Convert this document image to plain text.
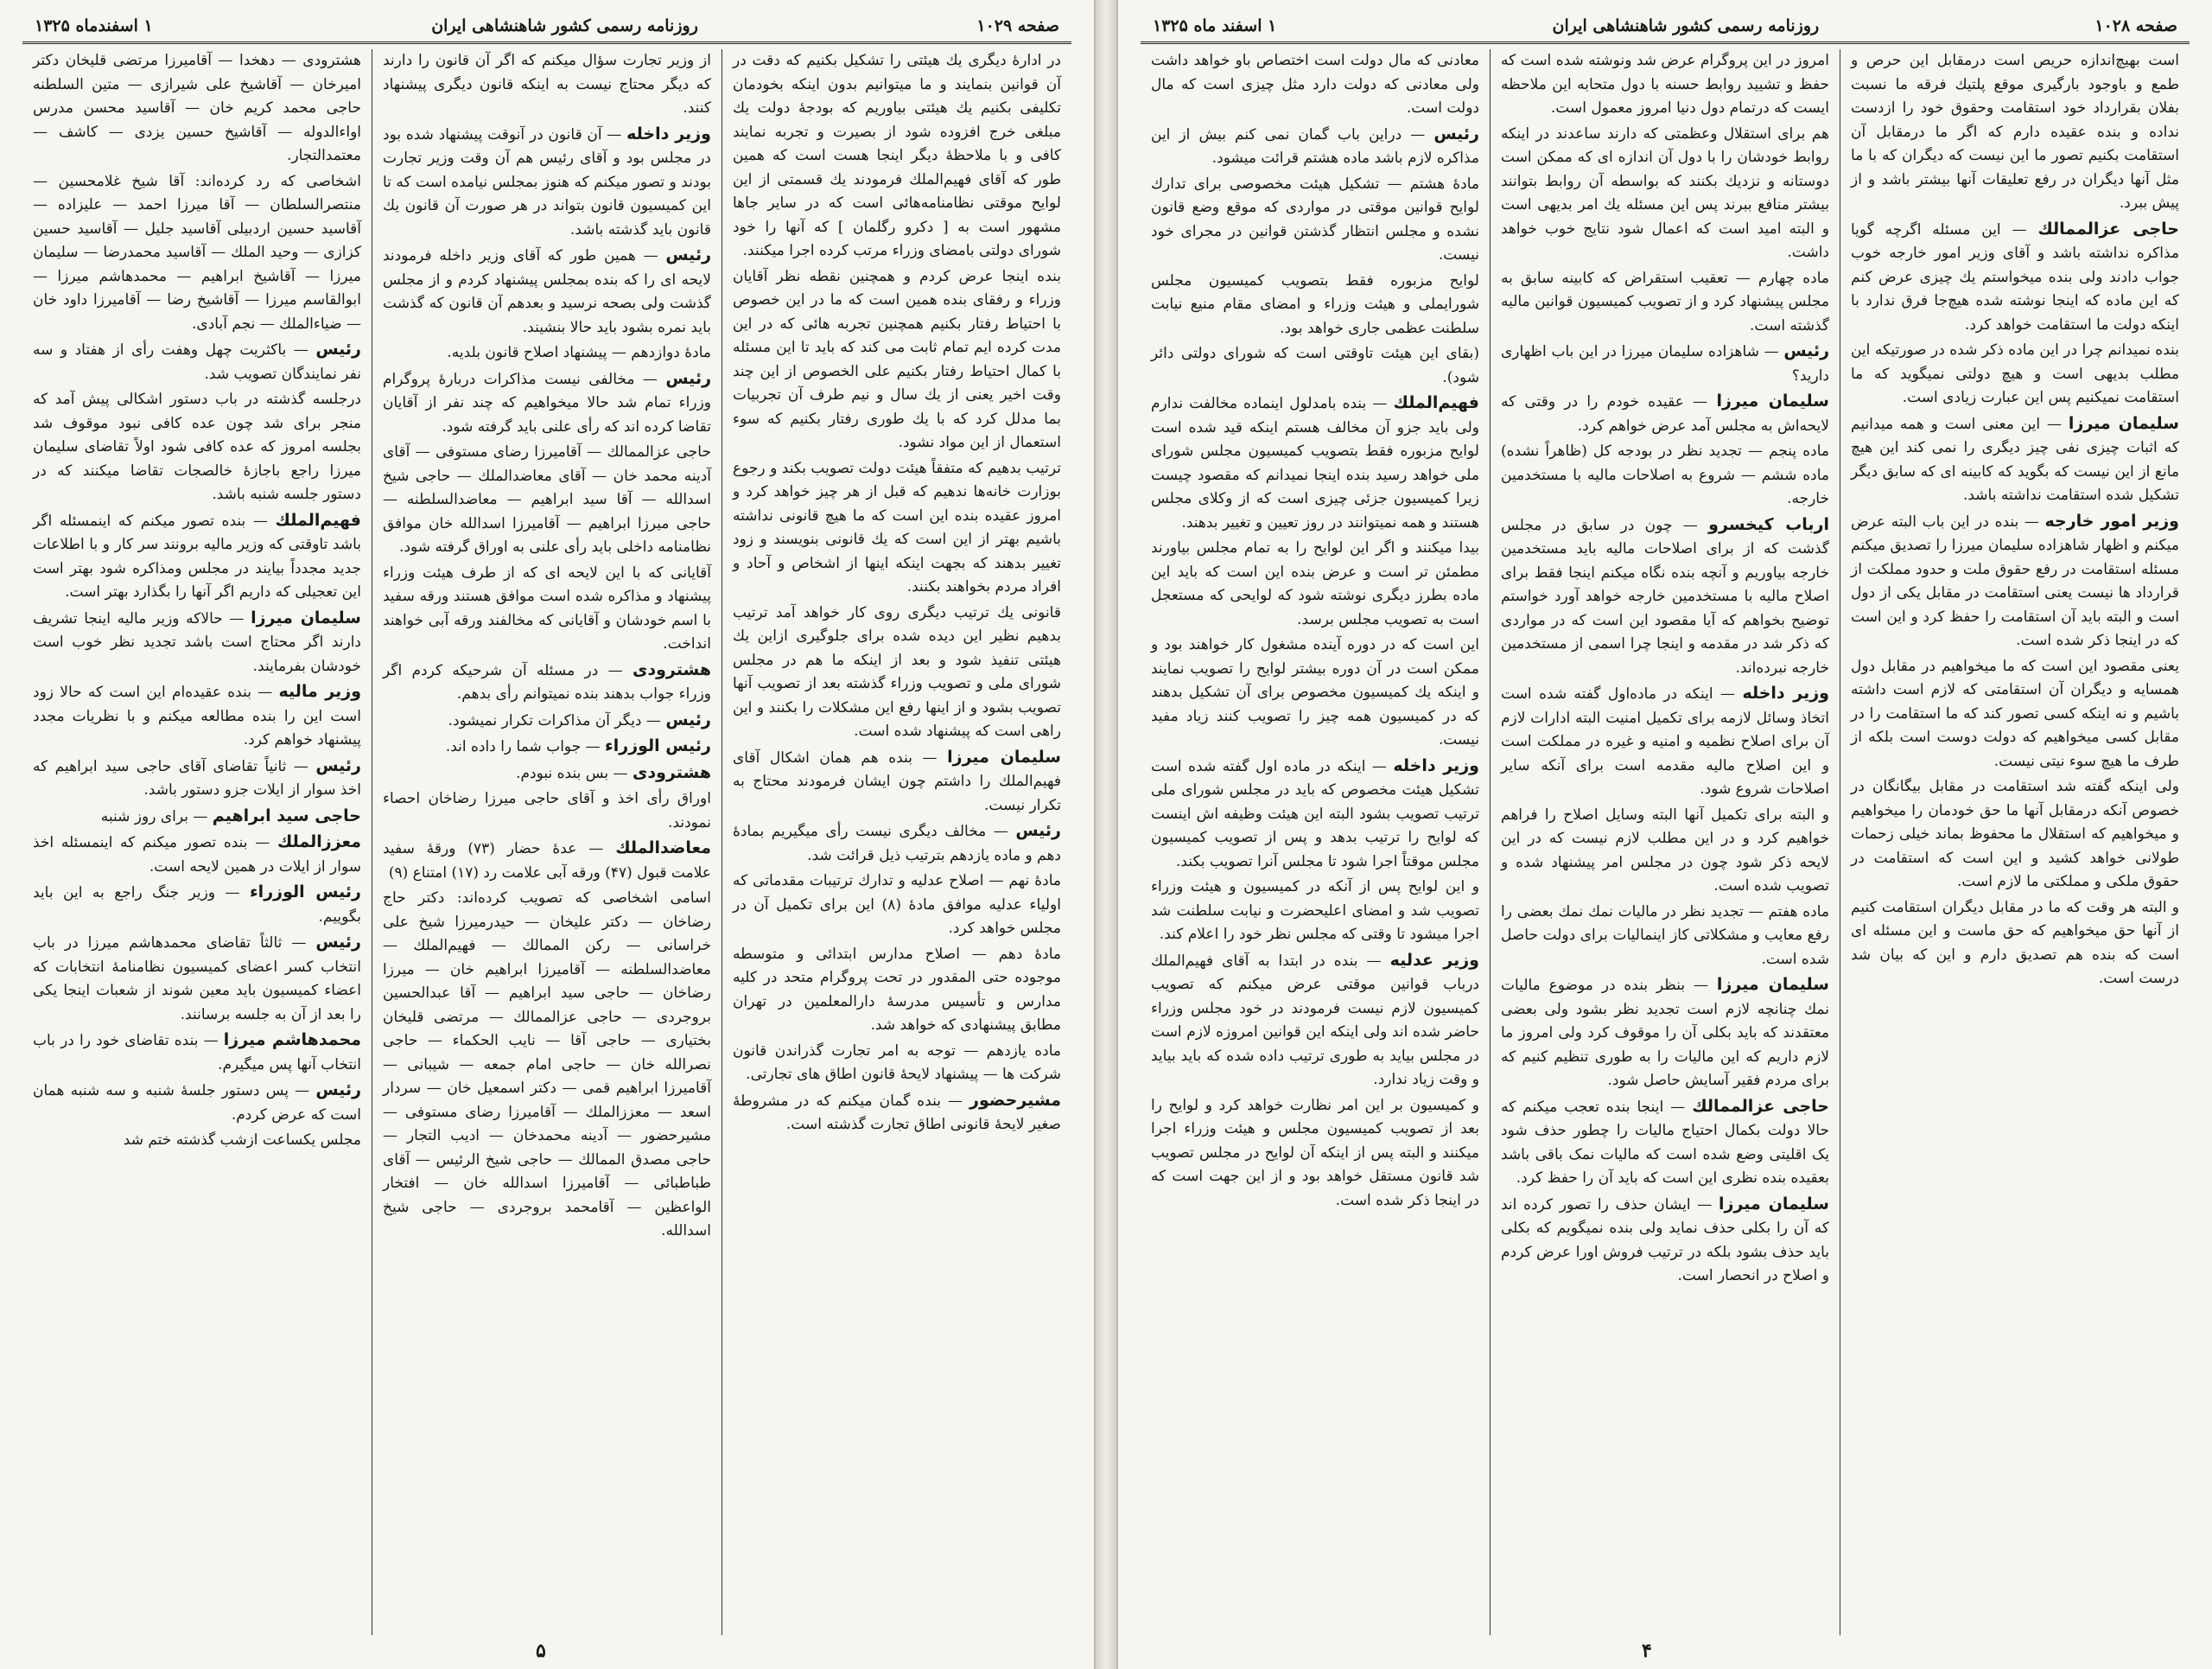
صفحه ۱۰۲۹
روزنامه رسمی کشور شاهنشاهی ایران
۱ اسفندماه ۱۳۲۵

در ادارهٔ دیگری یك هیئتی را تشکیل بکنیم که دقت در آن قوانین بنمایند و ما میتوانیم بدون اینکه بخودمان تکلیفی بکنیم یك هیئتی بیاوریم که بودجهٔ دولت یك مبلغی خرج افزوده شود از بصیرت و تجربه نمایند کافی و با ملاحظهٔ دیگر اینجا هست است که همین طور که آقای فهیم‌الملك فرمودند یك قسمتی از این لوایح موقتی نظامنامه‌هائی است که در سایر جاها مشهور است به [ دکرو رگلمان ] که آنها را خود شورای دولتی بامضای وزراء مرتب کرده اجرا میکنند.

بنده اینجا عرض کردم و همچنین نقطه نظر آقایان وزراء و رفقای بنده همین است که ما در این خصوص با احتیاط رفتار بکنیم همچنین تجربه هائی که در این مدت کرده ایم تمام ثابت می کند که باید تا این مسئله با کمال احتیاط رفتار بکنیم علی الخصوص از این چند وقت اخیر یعنی از یك سال و نیم طرف آن تجربیات بما مدلل کرد که با یك طوری رفتار بکنیم که سوء استعمال از این مواد نشود.

ترتیب بدهیم که متفقاً هیئت دولت تصویب بکند و رجوع بوزارت خانه‌ها ندهیم که قبل از هر چیز خواهد کرد و امروز عقیده بنده این است که ما هیچ قانونی نداشته باشیم بهتر از این است که یك قانونی بنویسند و زود تغییر بدهند که بجهت اینکه اینها از اشخاص و آحاد و افراد مردم بخواهند بکنند.

قانونی یك ترتیب دیگری روی کار خواهد آمد ترتیب بدهیم نظیر این دیده شده برای جلوگیری ازاین یك هیئتی تنفیذ شود و بعد از اینکه ما هم در مجلس شورای ملی و تصویب وزراء گذشته بعد از تصویب آنها تصویب بشود و از اینها رفع این مشکلات را بکنند و این راهی است که پیشنهاد شده است.

سلیمان میرزا — بنده هم همان اشکال آقای فهیم‌الملك را داشتم چون ایشان فرمودند محتاج به تکرار نیست.

رئیس — مخالف دیگری نیست رأی میگیریم بمادهٔ دهم و ماده یازدهم بترتیب ذیل قرائت شد.

مادهٔ نهم — اصلاح عدلیه و تدارك ترتیبات مقدماتی که اولیاء عدلیه موافق مادهٔ (۸) این برای تکمیل آن در مجلس خواهد کرد.

مادهٔ دهم — اصلاح مدارس ابتدائی و متوسطه موجوده حتی المقدور در تحت پروگرام متحد در کلیه مدارس و تأسیس مدرسهٔ دارالمعلمین در تهران مطابق پیشنهادی که خواهد شد.

ماده یازدهم — توجه به امر تجارت گذراندن قانون شرکت ها — پیشنهاد لایحهٔ قانون اطاق های تجارتی.

مشیرحضور — بنده گمان میکنم که در مشروطهٔ صغیر لایحهٔ قانونی اطاق تجارت گذشته است.

از وزیر تجارت سؤال میکنم که اگر آن قانون را دارند که دیگر محتاج نیست به اینکه قانون دیگری پیشنهاد کنند.

وزیر داخله — آن قانون در آنوقت پیشنهاد شده بود در مجلس بود و آقای رئیس هم آن وقت وزیر تجارت بودند و تصور میکنم که هنوز بمجلس نیامده است که تا این کمیسیون قانون بتواند در هر صورت آن قانون یك قانون باید گذشته باشد.

رئیس — همین طور که آقای وزیر داخله فرمودند لایحه ای را که بنده بمجلس پیشنهاد کردم و از مجلس گذشت ولی بصحه نرسید و بعدهم آن قانون که گذشت باید نمره بشود باید حالا بنشیند.

مادهٔ دوازدهم — پیشنهاد اصلاح قانون بلدیه.

رئیس — مخالفی نیست مذاکرات دربارهٔ پروگرام وزراء تمام شد حالا میخواهیم که چند نفر از آقایان تقاضا کرده اند که رأی علنی باید گرفته شود.

حاجی عزالممالك — آقامیرزا رضای مستوفی — آقای آدینه محمد خان — آقای معاضدالملك — حاجی شیخ اسدالله — آقا سید ابراهیم — معاضدالسلطنه — حاجی میرزا ابراهیم — آقامیرزا اسدالله خان موافق نظامنامه داخلی باید رأی علنی به اوراق گرفته شود.

آقایانی که با این لایحه ای که از طرف هیئت وزراء پیشنهاد و مذاکره شده است موافق هستند ورقه سفید با اسم خودشان و آقایانی که مخالفند ورقه آبی خواهند انداخت.

هشترودی — در مسئله آن شرحیکه کردم اگر وزراء جواب بدهند بنده نمیتوانم رأی بدهم.

رئیس — دیگر آن مذاکرات تکرار نمیشود.

رئیس الوزراء — جواب شما را داده اند.

هشترودی — بس بنده نبودم.

اوراق رأی اخذ و آقای حاجی میرزا رضاخان احصاء نمودند.

معاضدالملك — عدهٔ حضار (۷۳) ورقهٔ سفید علامت قبول (۴۷) ورقه آبی علامت رد (۱۷) امتناع (۹)

اسامی اشخاصی که تصویب کرده‌اند: دکتر حاج رضاخان — دکتر علیخان — حیدرمیرزا شیخ علی خراسانی — رکن الممالك — فهیم‌الملك — معاضدالسلطنه — آقامیرزا ابراهیم خان — میرزا رضاخان — حاجی سید ابراهیم — آقا عبدالحسین بروجردی — حاجی عزالممالك — مرتضی قلیخان بختیاری — حاجی آقا — نایب الحکماء — حاجی نصرالله خان — حاجی امام جمعه — شیبانی — آقامیرزا ابراهیم قمی — دکتر اسمعیل خان — سردار اسعد — معززالملك — آقامیرزا رضای مستوفی — مشیرحضور — آدینه محمدخان — ادیب التجار — حاجی مصدق الممالك — حاجی شیخ الرئیس — آقای طباطبائی — آقامیرزا اسدالله خان — افتخار الواعظین — آقامحمد بروجردی — حاجی شیخ اسدالله.

هشترودی — دهخدا — آقامیرزا مرتضی قلیخان دکتر امیرخان — آقاشیخ علی شیرازی — متین السلطنه حاجی محمد کریم خان — آقاسید محسن مدرس اواءالدوله — آقاشیخ حسین یزدی — کاشف — معتمدالتجار.

اشخاصی که رد کرده‌اند: آقا شیخ غلامحسین — منتصرالسلطان — آقا میرزا احمد — علیزاده — آقاسید حسین اردبیلی آقاسید جلیل — آقاسید حسین کزازی — وحید الملك — آقاسید محمدرضا — سلیمان میرزا — آقاشیخ ابراهیم — محمدهاشم میرزا — ابوالقاسم میرزا — آقاشیخ رضا — آقامیرزا داود خان — ضیاءالملك — نجم آبادی.

رئیس — باکثریت چهل وهفت رأی از هفتاد و سه نفر نمایندگان تصویب شد.

درجلسه گذشته در باب دستور اشکالی پیش آمد که منجر برای شد چون عده کافی نبود موقوف شد بجلسه امروز که عده کافی شود اولاً تقاضای سلیمان میرزا راجع باجازهٔ خالصجات تقاضا میکنند که در دستور جلسه شنبه باشد.

فهیم‌الملك — بنده تصور میکنم که اینمسئله اگر باشد تاوقتی که وزیر مالیه برونند سر کار و با اطلاعات جدید مجدداً بیایند در مجلس ومذاکره شود بهتر است این تعجیلی که داریم اگر آنها را بگذارد بهتر است.

سلیمان میرزا — حالاکه وزیر مالیه اینجا تشریف دارند اگر محتاج است باشد تجدید نظر خوب است خودشان بفرمایند.

وزیر مالیه — بنده عقیده‌ام این است که حالا زود است این را بنده مطالعه میکنم و با نظریات مجدد پیشنهاد خواهم کرد.

رئیس — ثانیاً تقاضای آقای حاجی سید ابراهیم که اخذ سوار از ایلات جزو دستور باشد.

حاجی سید ابراهیم — برای روز شنبه

معززالملك — بنده تصور میکنم که اینمسئله اخذ سوار از ایلات در همین لایحه است.

رئیس الوزراء — وزیر جنگ راجع به این باید بگوییم.

رئیس — ثالثاً تقاضای محمدهاشم میرزا در باب انتخاب کسر اعضای کمیسیون نظامنامهٔ انتخابات که اعضاء کمیسیون باید معین شوند از شعبات اینجا یکی را بعد از آن به جلسه برسانند.

محمدهاشم میرزا — بنده تقاضای خود را در باب انتخاب آنها پس میگیرم.

رئیس — پس دستور جلسهٔ شنبه و سه شنبه همان است که عرض کردم.

مجلس یکساعت ازشب گذشته ختم شد

۵
صفحه ۱۰۲۸
روزنامه رسمی کشور شاهنشاهی ایران
۱ اسفند ماه ۱۳۲۵

است بهیچ‌اندازه حریص است درمقابل این حرص و طمع و باوجود بارگیری موقع پلتیك فرقه ما نسبت بفلان بقرارداد خود استقامت وحقوق خود را ازدست نداده و بنده عقیده دارم که اگر ما درمقابل آن استقامت بکنیم تصور ما این نیست که دیگران که با ما مثل آنها دیگران در رفع تعلیقات آنها بیشتر باشد و از پیش ببرد.

حاجی عزالممالك — این مسئله اگرچه گویا مذاکره نداشته باشد و آقای وزیر امور خارجه خوب جواب دادند ولی بنده میخواستم یك چیزی عرض کنم که این ماده که اینجا نوشته شده هیچ‌جا فرق ندارد با اینکه دولت ما استقامت خواهد کرد.

بنده نمیدانم چرا در این ماده ذکر شده در صورتیکه این مطلب بدیهی است و هیچ دولتی نمیگوید که ما استقامت نمیکنیم پس این عبارت زیادی است.

سلیمان میرزا — این معنی است و همه میدانیم که اثبات چیزی نفی چیز دیگری را نمی کند این هیچ مانع از این نیست که بگوید که کابینه ای که سابق دیگر تشکیل شده استقامت نداشته باشد.

وزیر امور خارجه — بنده در این باب البته عرض میکنم و اظهار شاهزاده سلیمان میرزا را تصدیق میکنم مسئله استقامت در رفع حقوق ملت و حدود مملکت از قرارداد ها نیست یعنی استقامت در مقابل یکی از دول است و البته باید آن استقامت را حفظ کرد و این است که در اینجا ذکر شده است.

یعنی مقصود این است که ما میخواهیم در مقابل دول همسایه و دیگران آن استقامتی که لازم است داشته باشیم و نه اینکه کسی تصور کند که ما استقامت را در مقابل کسی میخواهیم که دولت دوست است بلکه از طرف ما هیچ سوء نیتی نیست.

ولی اینکه گفته شد استقامت در مقابل بیگانگان در خصوص آنکه درمقابل آنها ما حق خودمان را میخواهیم و میخواهیم که استقلال ما محفوظ بماند خیلی زحمات طولانی خواهد کشید و این است که استقامت در حقوق ملکی و مملکتی ما لازم است.

و البته هر وقت که ما در مقابل دیگران استقامت کنیم از آنها حق میخواهیم که حق ماست و این مسئله ای است که بنده هم تصدیق دارم و این که بیان شد درست است.

امروز در این پروگرام عرض شد ونوشته شده است که حفظ و تشیید روابط حسنه با دول متحابه این ملاحظه ایست که درتمام دول دنیا امروز معمول است.

هم برای استقلال وعظمتی که دارند ساعدند در اینکه روابط خودشان را با دول آن اندازه ای که ممکن است دوستانه و نزدیك بکنند که بواسطه آن روابط بتوانند بیشتر منافع ببرند پس این مسئله یك امر بدیهی است و البته امید است که اعمال شود نتایج خوب خواهد داشت.

ماده چهارم — تعقیب استقراض که کابینه سابق به مجلس پیشنهاد کرد و از تصویب کمیسیون قوانین مالیه گذشته است.

رئیس — شاهزاده سلیمان میرزا در این باب اظهاری دارید؟

سلیمان میرزا — عقیده خودم را در وقتی که لایحه‌اش به مجلس آمد عرض خواهم کرد.

ماده پنجم — تجدید نظر در بودجه کل (ظاهراً نشده) ماده ششم — شروع به اصلاحات مالیه با مستخدمین خارجه.

ارباب کیخسرو — چون در سابق در مجلس گذشت که از برای اصلاحات مالیه باید مستخدمین خارجه بیاوریم و آنچه بنده نگاه میکنم اینجا فقط برای اصلاح مالیه با مستخدمین خارجه خواهد آورد خواستم توضیح بخواهم که آیا مقصود این است که در مواردی که ذکر شد در مقدمه و اینجا چرا اسمی از مستخدمین خارجه نبرده‌اند.

وزیر داخله — اینکه در ماده‌اول گفته شده است اتخاذ وسائل لازمه برای تکمیل امنیت البته ادارات لازم آن برای اصلاح نظمیه و امنیه و غیره در مملکت است و این اصلاح مالیه مقدمه است برای آنکه سایر اصلاحات شروع شود.

و البته برای تکمیل آنها البته وسایل اصلاح را فراهم خواهیم کرد و در این مطلب لازم نیست که در این لایحه ذکر شود چون در مجلس امر پیشنهاد شده و تصویب شده است.

ماده هفتم — تجدید نظر در مالیات نمك نمك بعضی را رفع معایب و مشکلاتی کاز اینمالیات برای دولت حاصل شده است.

سلیمان میرزا — بنظر بنده در موضوع مالیات نمك چنانچه لازم است تجدید نظر بشود ولی بعضی معتقدند که باید بکلی آن را موقوف کرد ولی امروز ما لازم داریم که این مالیات را به طوری تنظیم کنیم که برای مردم فقیر آسایش حاصل شود.

حاجی عزالممالك — اینجا بنده تعجب میکنم که حالا دولت بکمال احتیاج مالیات را چطور حذف شود یک اقلیتی وضع شده است که مالیات نمک باقی باشد بعقیده بنده نظری این است که باید آن را حفظ کرد.

سلیمان میرزا — ایشان حذف را تصور کرده اند که آن را بکلی حذف نماید ولی بنده نمیگویم که بکلی باید حذف بشود بلکه در ترتیب فروش اورا عرض کردم و اصلاح در انحصار است.

معادنی که مال دولت است اختصاص باو خواهد داشت ولی معادنی که دولت دارد مثل چیزی است که مال دولت است.

رئیس — دراین باب گمان نمی کنم بیش از این مذاکره لازم باشد ماده هشتم قرائت میشود.

مادهٔ هشتم — تشکیل هیئت مخصوصی برای تدارك لوایح قوانین موقتی در مواردی که موقع وضع قانون نشده و مجلس انتظار گذشتن قوانین در مجرای خود نیست.

لوایح مزبوره فقط بتصویب کمیسیون مجلس شورایملی و هیئت وزراء و امضای مقام منیع نیابت سلطنت عظمی جاری خواهد بود.

(بقای این هیئت تاوقتی است که شورای دولتی دائر شود).

فهیم‌الملك — بنده بامدلول اینماده مخالفت ندارم ولی باید جزو آن مخالف هستم اینکه قید شده است لوایح مزبوره فقط بتصویب کمیسیون مجلس شورای ملی خواهد رسید بنده اینجا نمیدانم که مقصود چیست زیرا کمیسیون جزئی چیزی است که از وکلای مجلس هستند و همه نمیتوانند در روز تعیین و تغییر بدهند.

بیدا میکنند و اگر این لوایح را به تمام مجلس بیاورند مطمئن تر است و عرض بنده این است که باید این ماده بطرز دیگری نوشته شود که لوایحی که مستعجل است به تصویب مجلس برسد.

این است که در دوره آینده مشغول کار خواهند بود و ممکن است در آن دوره بیشتر لوایح را تصویب نمایند و اینکه یك کمیسیون مخصوص برای آن تشکیل بدهند که در کمیسیون همه چیز را تصویب کنند زیاد مفید نیست.

وزیر داخله — اینکه در ماده اول گفته شده است تشکیل هیئت مخصوص که باید در مجلس شورای ملی ترتیب تصویب بشود البته این هیئت وظیفه اش اینست که لوایح را ترتیب بدهد و پس از تصویب کمیسیون مجلس موقتاً اجرا شود تا مجلس آنرا تصویب بکند.

و این لوایح پس از آنکه در کمیسیون و هیئت وزراء تصویب شد و امضای اعلیحضرت و نیابت سلطنت شد اجرا میشود تا وقتی که مجلس نظر خود را اعلام کند.

وزیر عدلیه — بنده در ابتدا به آقای فهیم‌الملك درباب قوانین موقتی عرض میکنم که تصویب کمیسیون لازم نیست فرمودند در خود مجلس وزراء حاضر شده اند ولی اینکه این قوانین امروزه لازم است در مجلس بیاید به طوری ترتیب داده شده که باید بیاید و وقت زیاد ندارد.

و کمیسیون بر این امر نظارت خواهد کرد و لوایح را بعد از تصویب کمیسیون مجلس و هیئت وزراء اجرا میکنند و البته پس از اینکه آن لوایح در مجلس تصویب شد قانون مستقل خواهد بود و از این جهت است که در اینجا ذکر شده است.

۴
